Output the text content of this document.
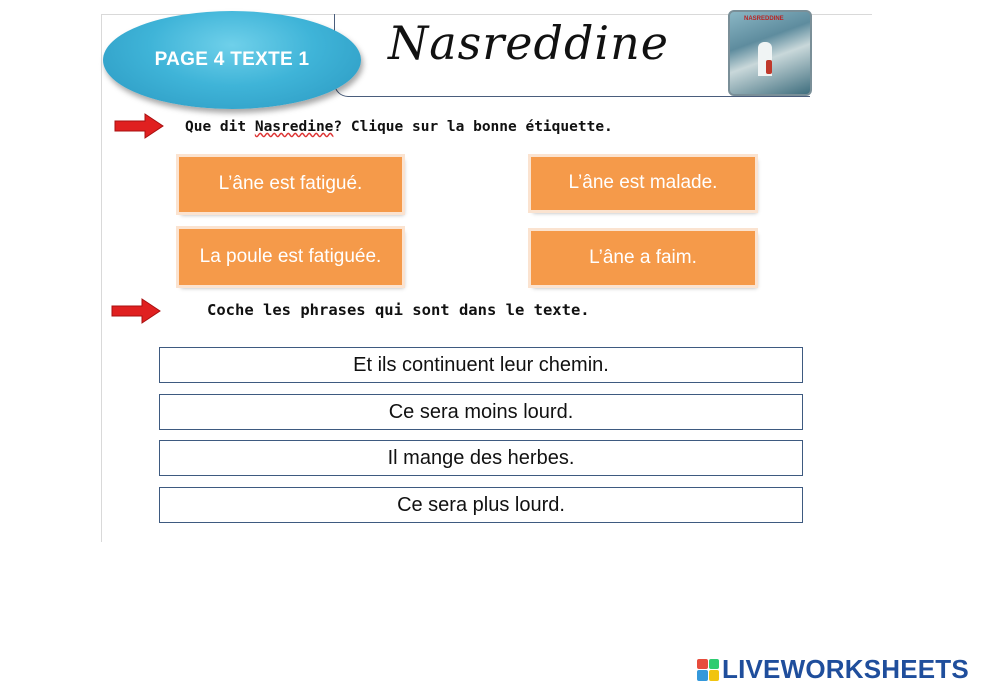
PAGE 4 TEXTE 1 Nasreddine	NASREDDINE
Que dit Nasredine? Clique sur la bonne étiquette.
L’âne est fatigué.	L’âne est malade.
La poule est fatiguée.	L’âne a faim.
Coche les phrases qui sont dans le texte.
Et ils continuent leur chemin.
Ce sera moins lourd.
Il mange des herbes.
Ce sera plus lourd.
LIVEWORKSHEETS
